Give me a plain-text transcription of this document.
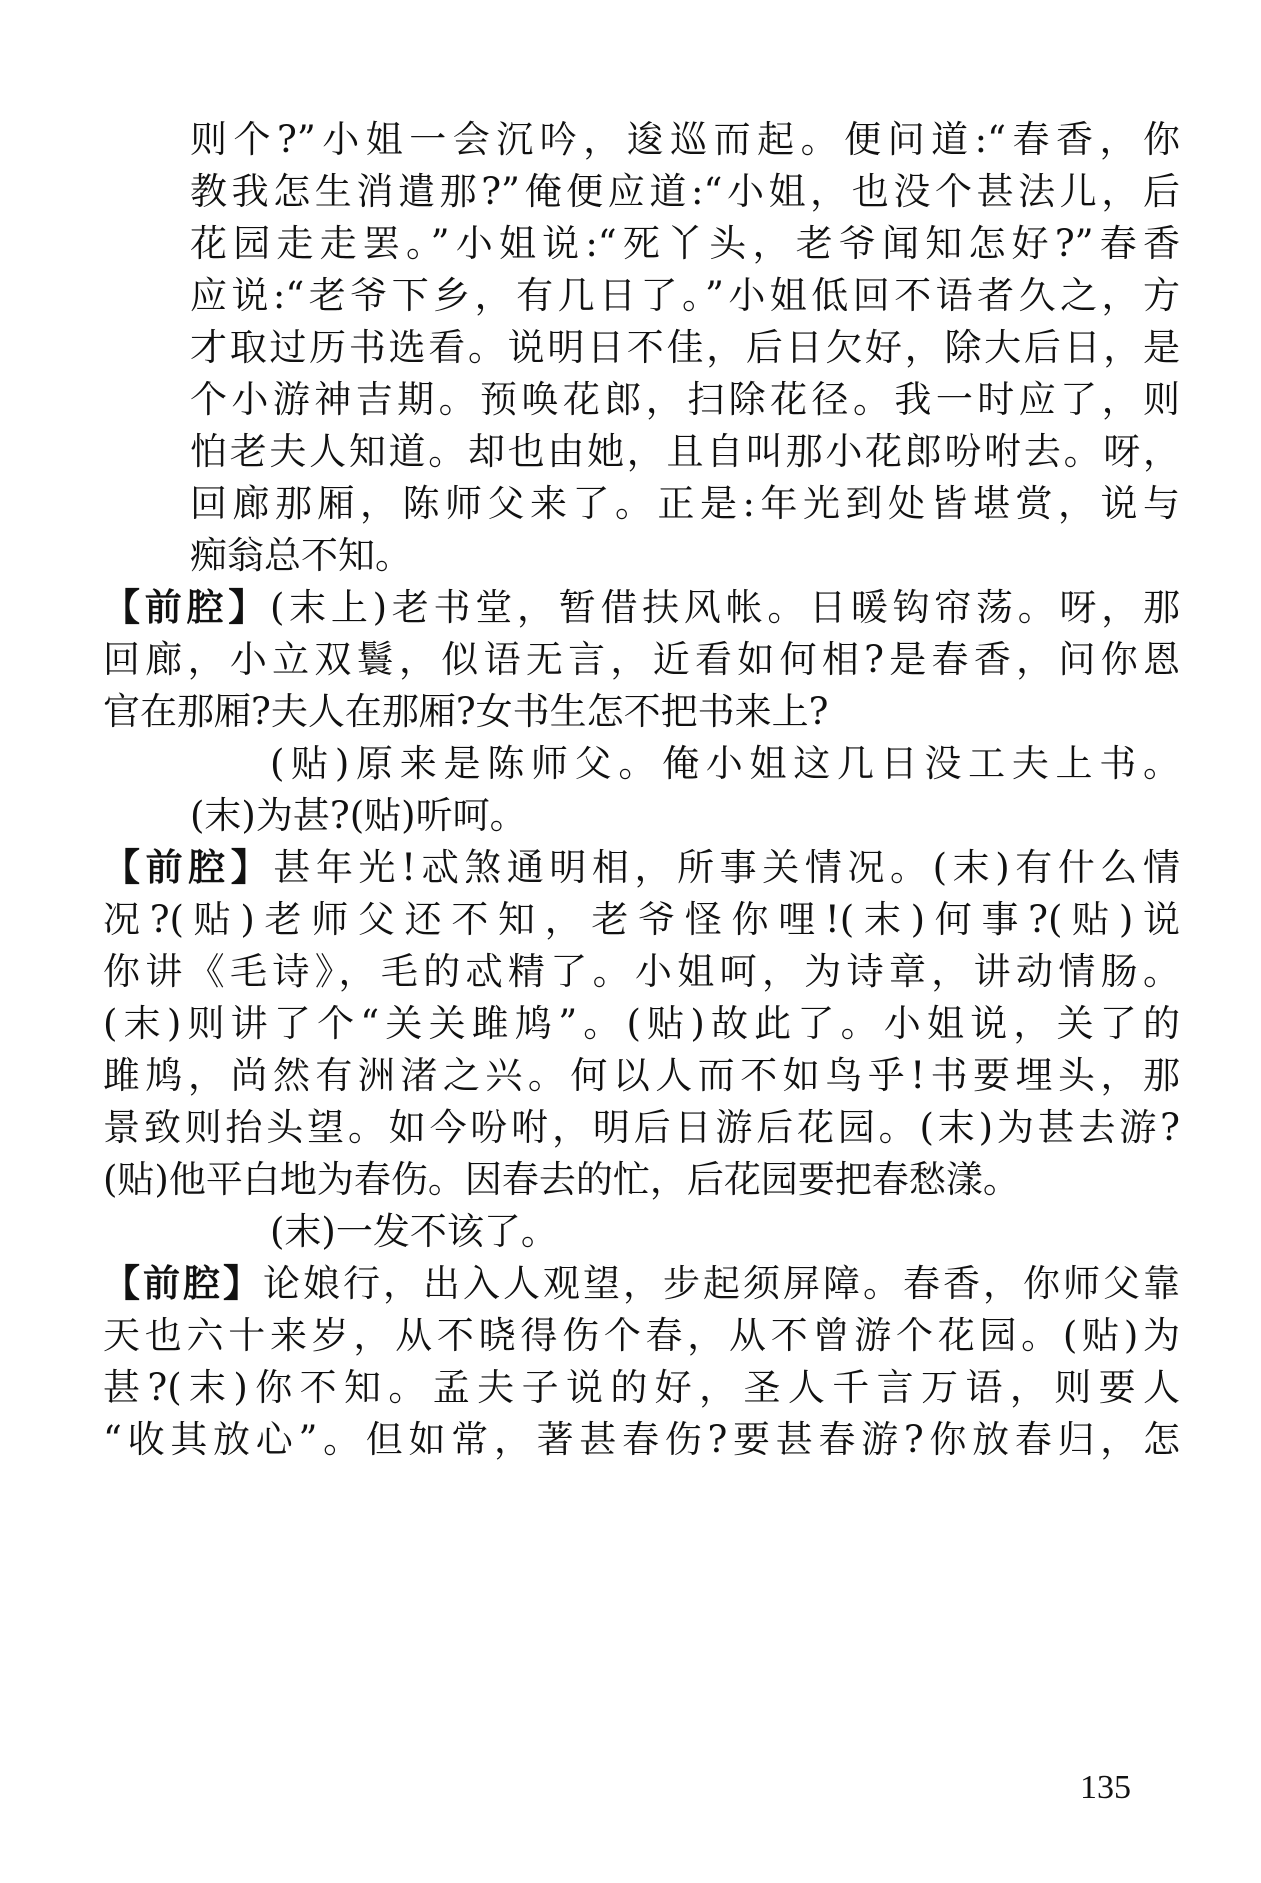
则个?”小姐一会沉吟，逡巡而起。便问道:“春香，你
教我怎生消遣那?”俺便应道:“小姐，也没个甚法儿，后
花园走走罢。”小姐说:“死丫头，老爷闻知怎好?”春香
应说:“老爷下乡，有几日了。”小姐低回不语者久之，方
才取过历书选看。说明日不佳，后日欠好，除大后日，是
个小游神吉期。预唤花郎，扫除花径。我一时应了，则
怕老夫人知道。却也由她，且自叫那小花郎吩咐去。呀，
回廊那厢，陈师父来了。正是:年光到处皆堪赏，说与
痴翁总不知。
【前腔】(末上)老书堂，暂借扶风帐。日暖钩帘荡。呀，那
回廊，小立双鬟，似语无言，近看如何相?是春香，问你恩
官在那厢?夫人在那厢?女书生怎不把书来上?
(贴)原来是陈师父。俺小姐这几日没工夫上书。
(末)为甚?(贴)听呵。
【前腔】甚年光!忒煞通明相，所事关情况。(末)有什么情
况?(贴)老师父还不知，老爷怪你哩!(末)何事?(贴)说
你讲《毛诗》，毛的忒精了。小姐呵，为诗章，讲动情肠。
(末)则讲了个“关关雎鸠”。(贴)故此了。小姐说，关了的
雎鸠，尚然有洲渚之兴。何以人而不如鸟乎!书要埋头，那
景致则抬头望。如今吩咐，明后日游后花园。(末)为甚去游?
(贴)他平白地为春伤。因春去的忙，后花园要把春愁漾。
(末)一发不该了。
【前腔】论娘行，出入人观望，步起须屏障。春香，你师父靠
天也六十来岁，从不晓得伤个春，从不曾游个花园。(贴)为
甚?(末)你不知。孟夫子说的好，圣人千言万语，则要人
“收其放心”。但如常，著甚春伤?要甚春游?你放春归，怎
135
